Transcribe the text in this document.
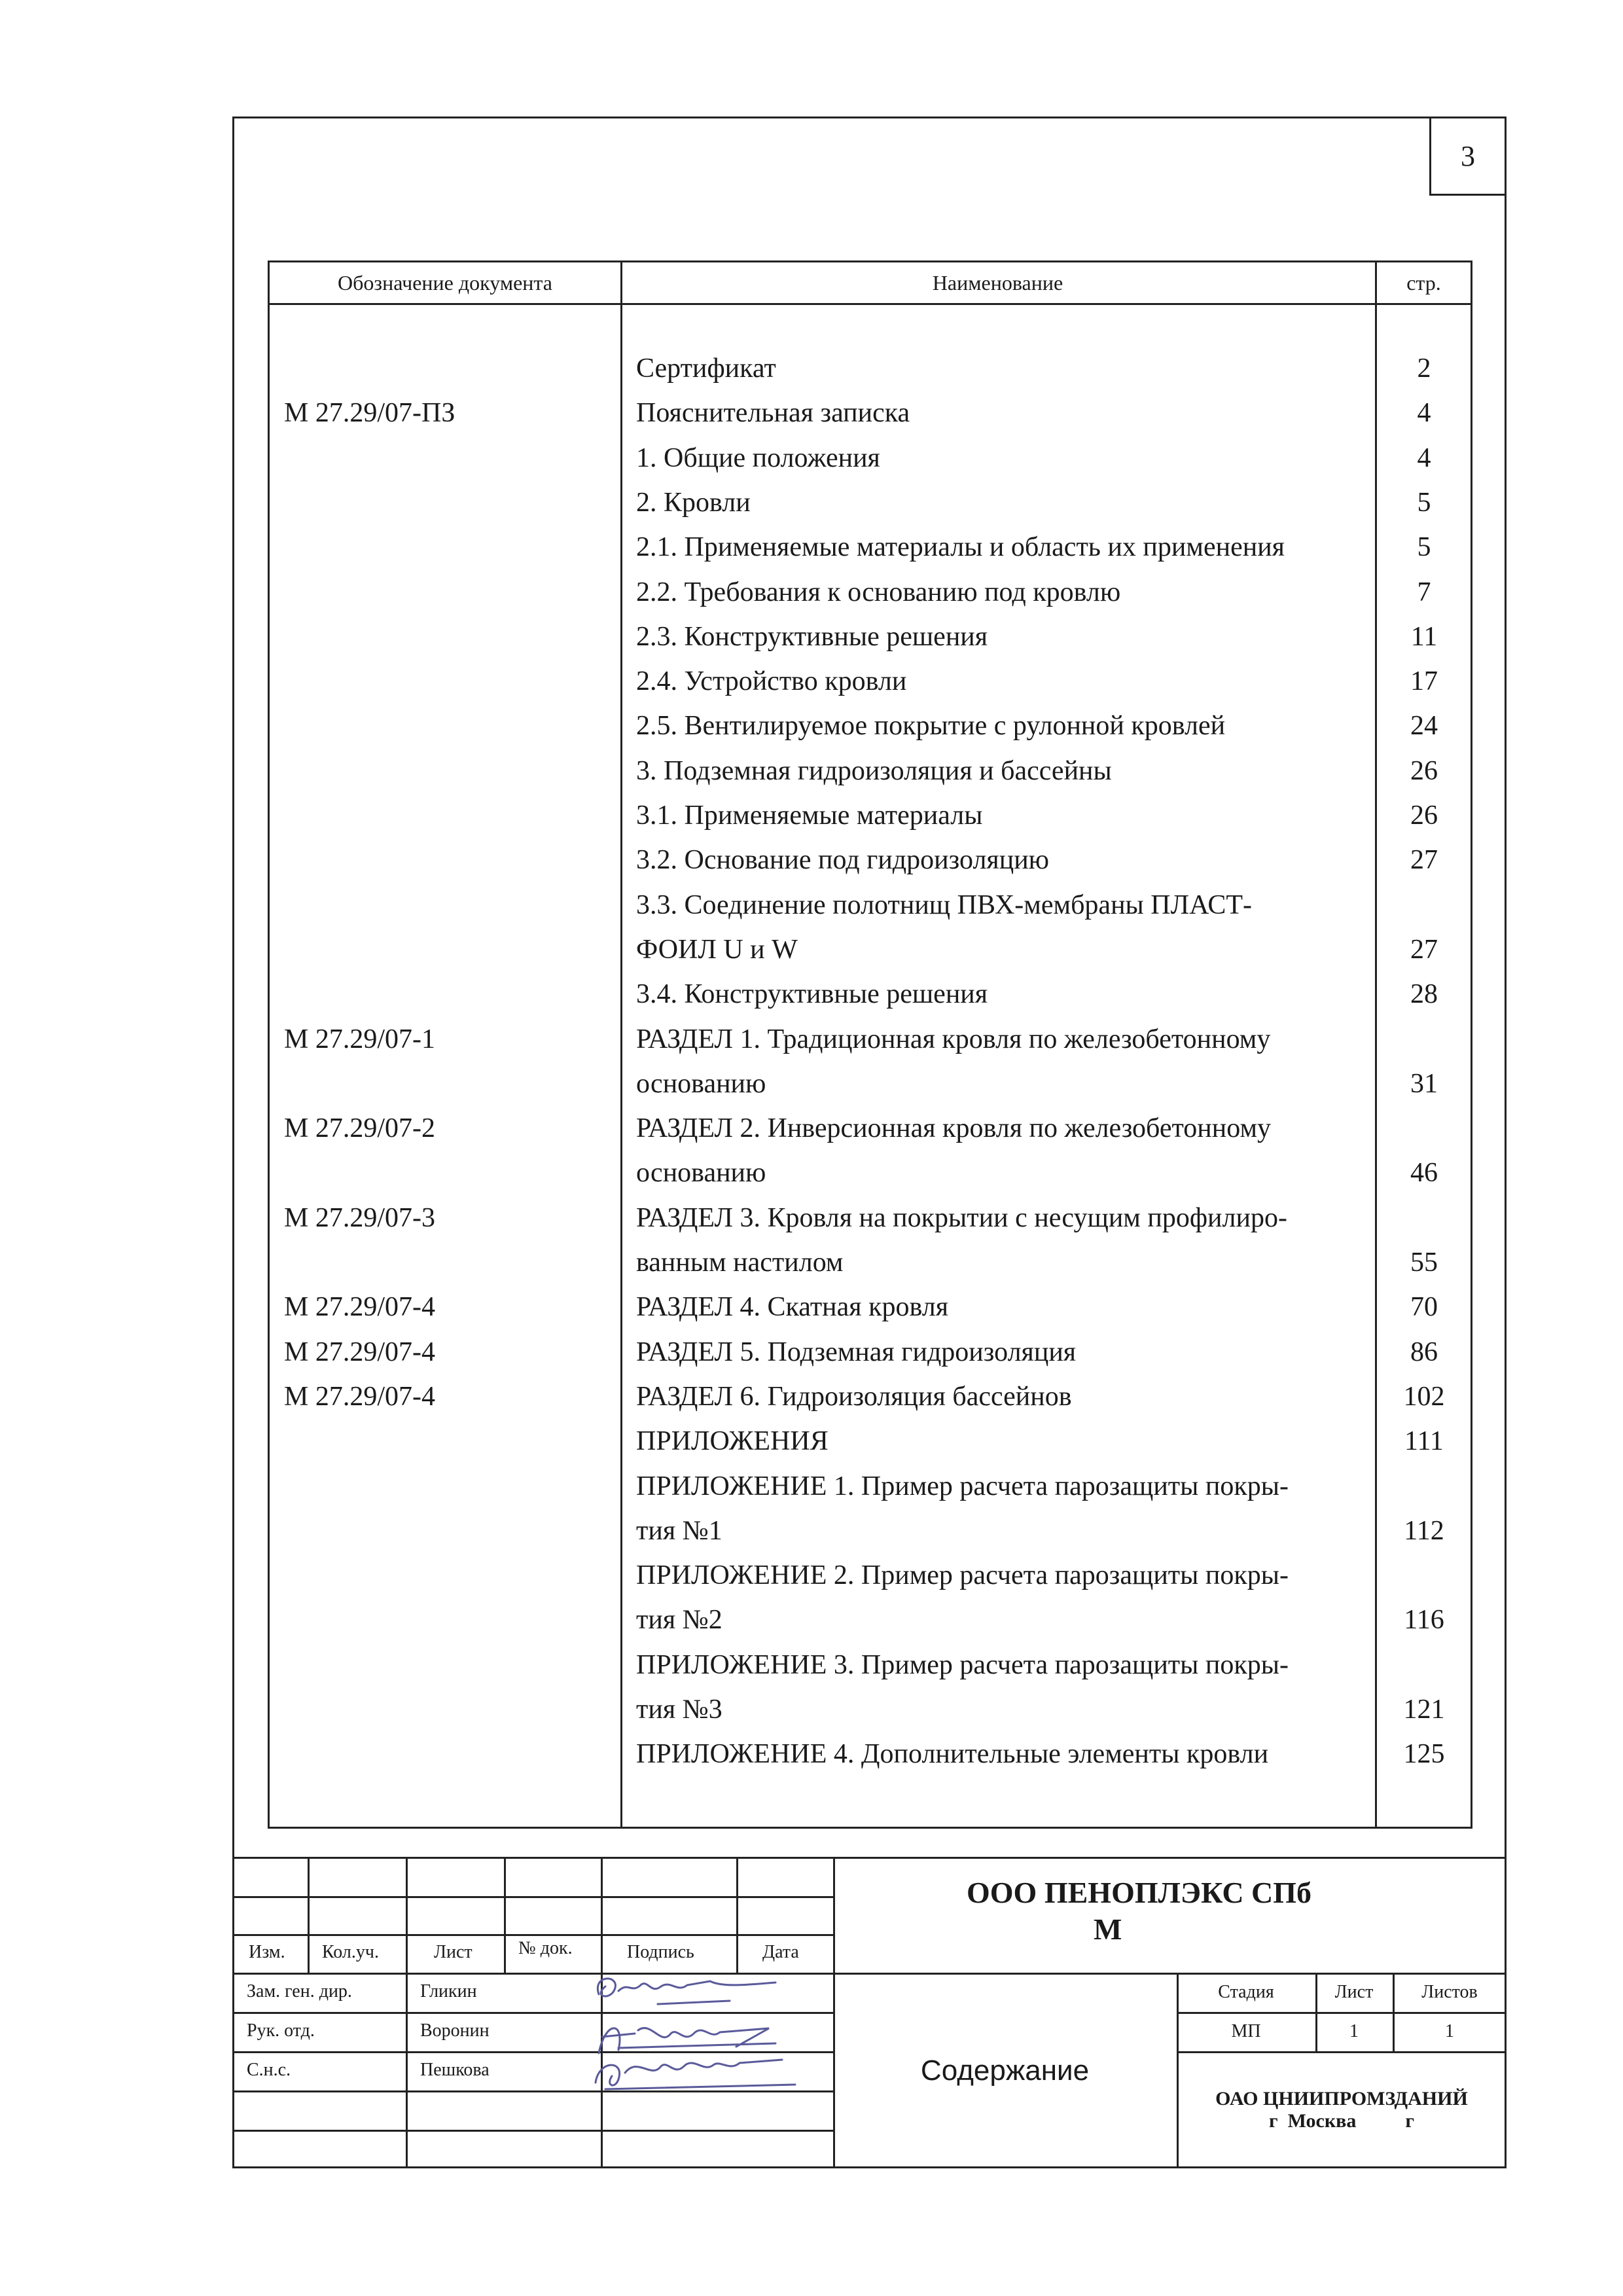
3
Обозначение документа	Наименование	стр.
Сертификат	2
М 27.29/07-ПЗ	Пояснительная записка	4
1. Общие положения	4
2. Кровли	5
2.1. Применяемые материалы и область их применения	5
2.2. Требования к основанию под кровлю	7
2.3. Конструктивные решения	11
2.4. Устройство кровли	17
2.5. Вентилируемое покрытие с рулонной кровлей	24
3. Подземная гидроизоляция и бассейны	26
3.1. Применяемые материалы	26
3.2. Основание под гидроизоляцию	27
3.3. Соединение полотнищ ПВХ-мембраны ПЛАСТ-
ФОИЛ U и W	27
3.4. Конструктивные решения	28
М 27.29/07-1	РАЗДЕЛ 1. Традиционная кровля по железобетонному
основанию	31
М 27.29/07-2	РАЗДЕЛ 2. Инверсионная кровля по железобетонному
основанию	46
М 27.29/07-3	РАЗДЕЛ 3. Кровля на покрытии с несущим профилиро-
ванным настилом	55
М 27.29/07-4	РАЗДЕЛ 4. Скатная кровля	70
М 27.29/07-4	РАЗДЕЛ 5. Подземная гидроизоляция	86
М 27.29/07-4	РАЗДЕЛ 6. Гидроизоляция бассейнов	102
ПРИЛОЖЕНИЯ	111
ПРИЛОЖЕНИЕ 1. Пример расчета парозащиты покры-
тия №1	112
ПРИЛОЖЕНИЕ 2. Пример расчета парозащиты покры-
тия №2	116
ПРИЛОЖЕНИЕ 3. Пример расчета парозащиты покры-
тия №3	121
ПРИЛОЖЕНИЕ 4. Дополнительные элементы кровли	125
Изм. Кол.уч.	Лист	№ док.	Подпись	Дата
ООО ПЕНОПЛЭКС СПб
М
Зам. ген. дир.	Гликин
Рук. отд.	Воронин
С.н.с.	Пешкова	Содержание
Стадия	Лист	Листов
МП	1	1
ОАО ЦНИИПРОМЗДАНИЙ
г  Москва          г
